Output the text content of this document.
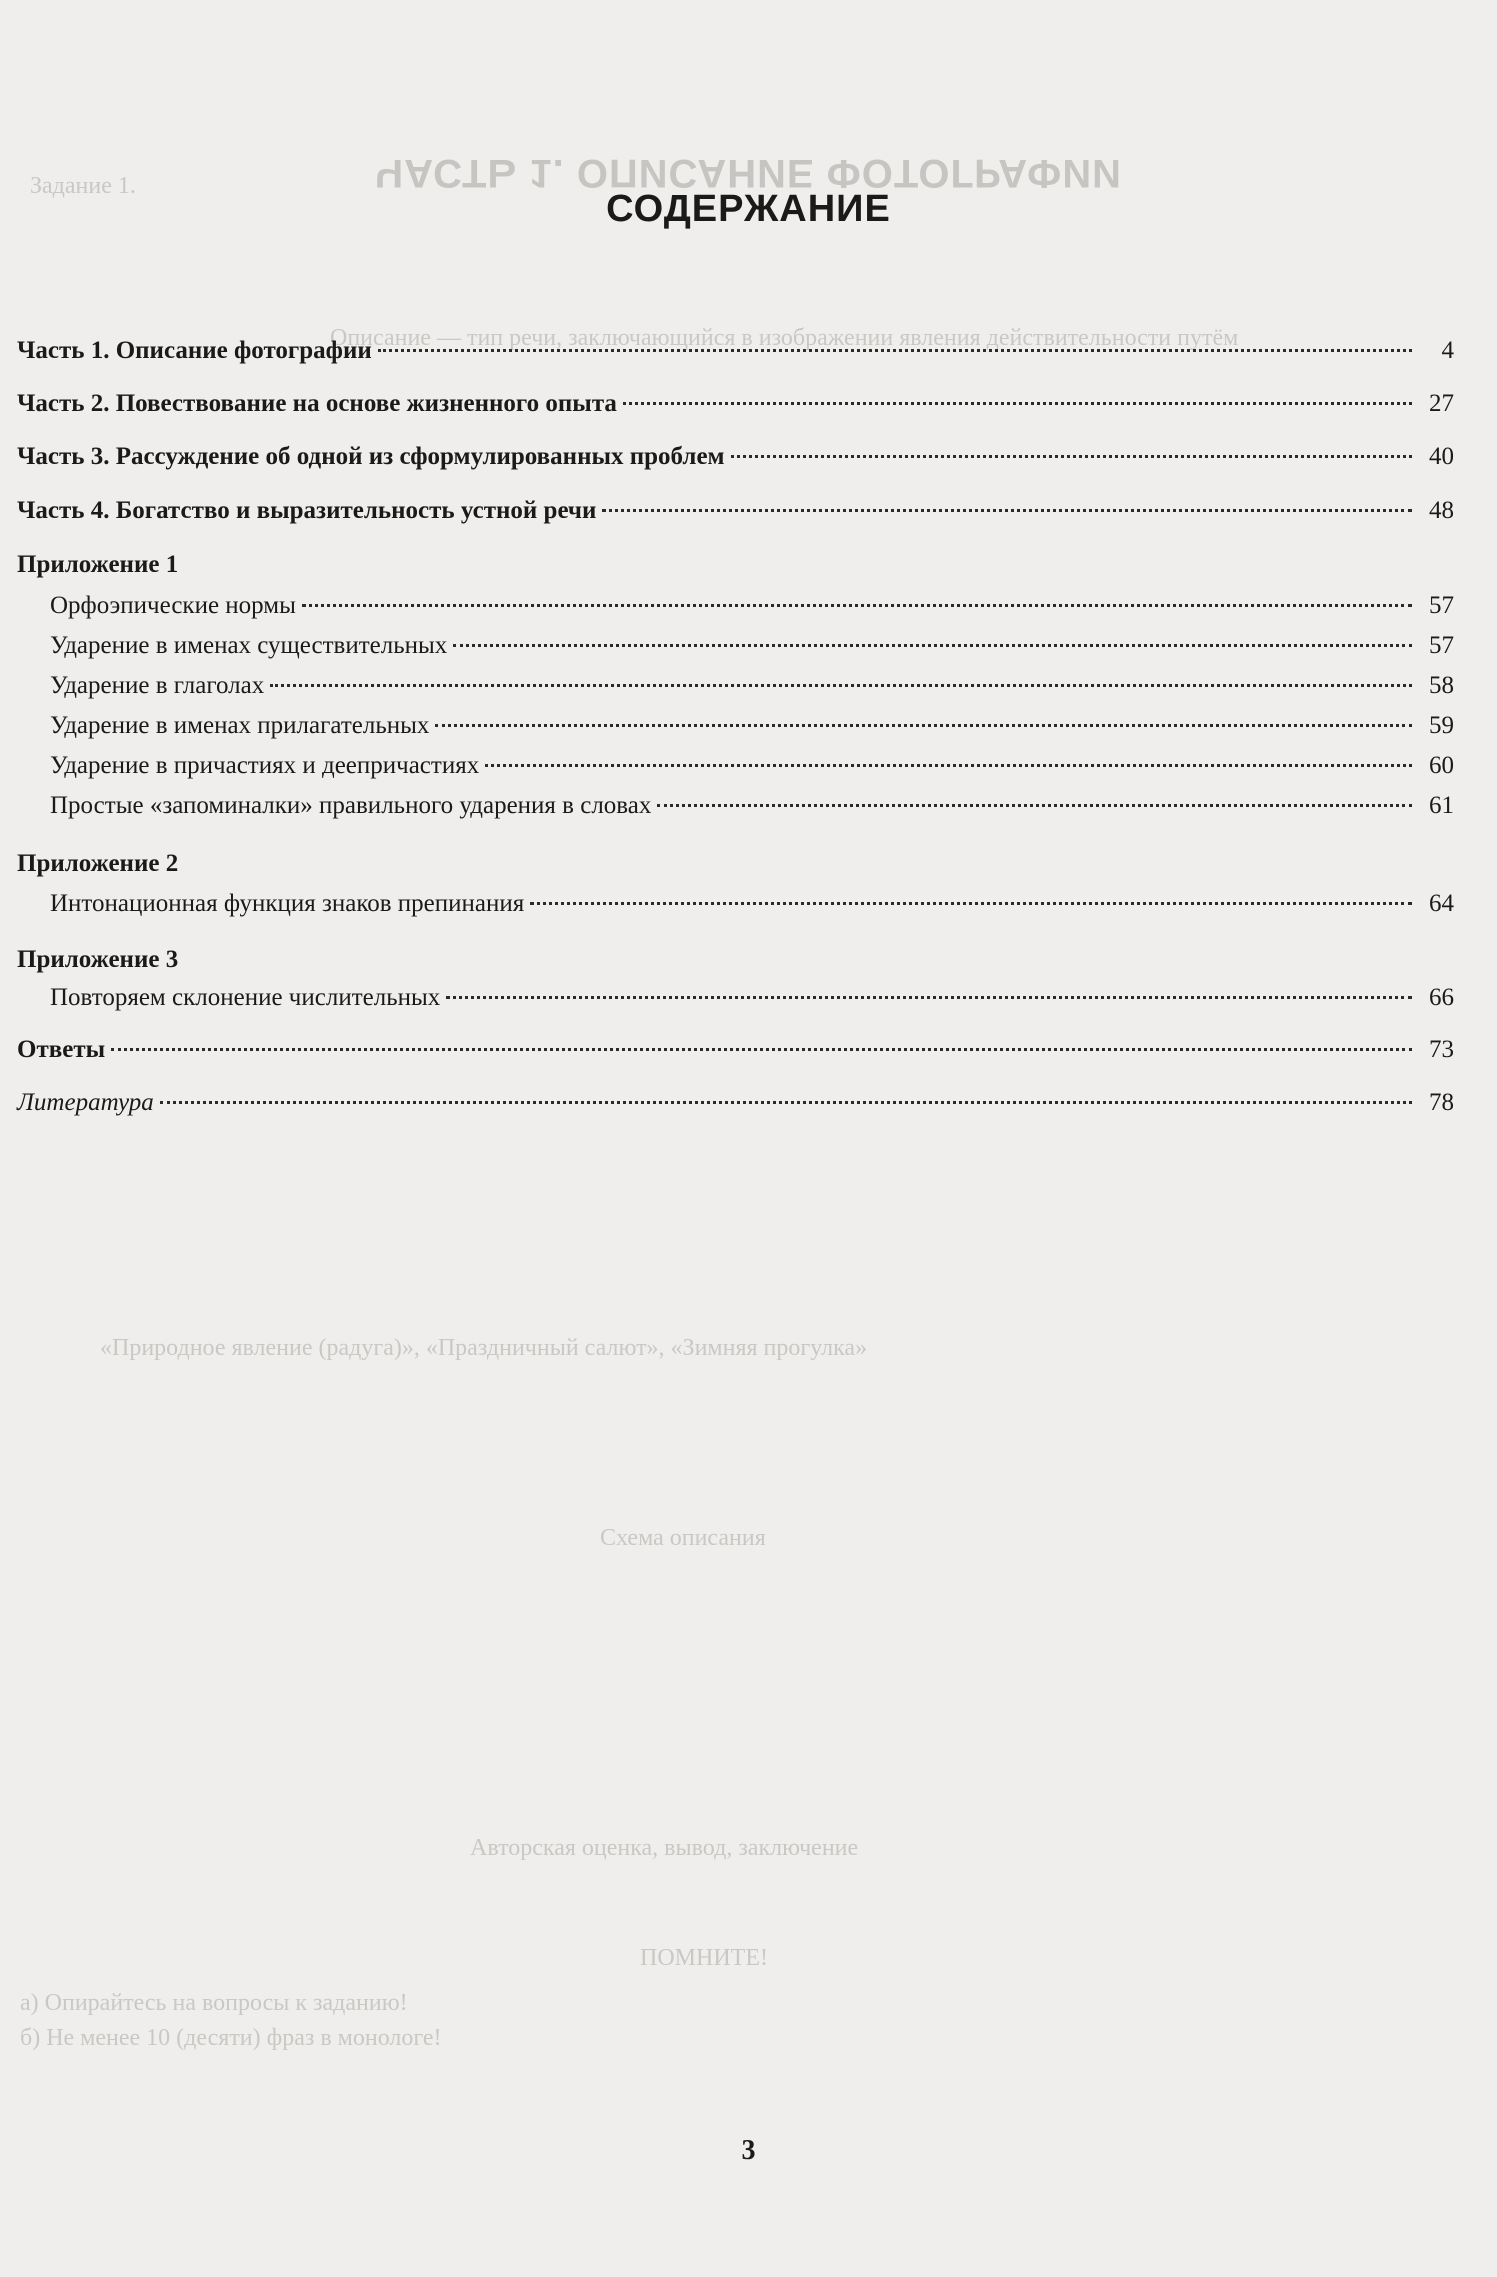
ЧАСТЬ 1. ОПИСАНИЕ ФОТОГРАФИИ
Задание 1.
Описание — тип речи, заключающийся в изображении явления действительности путём
«Природное явление (радуга)», «Праздничный салют», «Зимняя прогулка»
Схема описания
Авторская оценка, вывод, заключение
ПОМНИТЕ!
а) Опирайтесь на вопросы к заданию!
б) Не менее 10 (десяти) фраз в монологе!
СОДЕРЖАНИЕ
Часть 1. Описание фотографии	4
Часть 2. Повествование на основе жизненного опыта	27
Часть 3. Рассуждение об одной из сформулированных проблем	40
Часть 4. Богатство и выразительность устной речи	48
Приложение 1
Орфоэпические нормы	57
Ударение в именах существительных	57
Ударение в глаголах	58
Ударение в именах прилагательных	59
Ударение в причастиях и деепричастиях	60
Простые «запоминалки» правильного ударения в словах	61
Приложение 2
Интонационная функция знаков препинания	64
Приложение 3
Повторяем склонение числительных	66
Ответы	73
Литература	78
3
